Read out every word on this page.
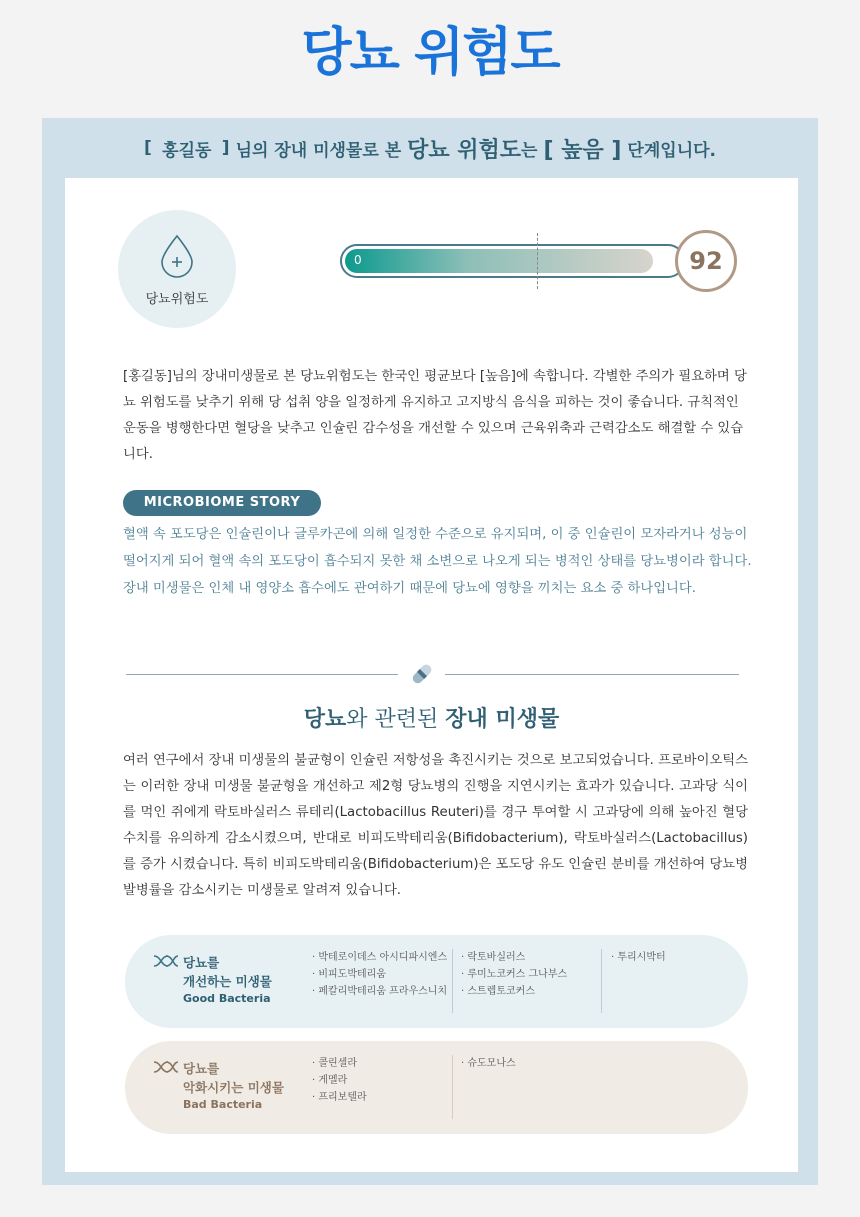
당뇨 위험도
[ 홍길동 ] 님의 장내 미생물로 본 당뇨 위험도 는 [ 높음 ] 단계입니다.
당뇨위험도
0	92
[홍길동]님의 장내미생물로 본 당뇨위험도는 한국인 평균보다 [높음]에 속합니다. 각별한 주의가 필요하며 당뇨 위험도를 낮추기 위해 당 섭취 양을 일정하게 유지하고 고지방식 음식을 피하는 것이 좋습니다. 규칙적인 운동을 병행한다면 혈당을 낮추고 인슐린 감수성을 개선할 수 있으며 근육위축과 근력감소도 해결할 수 있습니다.
MICROBIOME STORY
혈액 속 포도당은 인슐린이나 글루카곤에 의해 일정한 수준으로 유지되며, 이 중 인슐린이 모자라거나 성능이 떨어지게 되어 혈액 속의 포도당이 흡수되지 못한 채 소변으로 나오게 되는 병적인 상태를 당뇨병이라 합니다. 장내 미생물은 인체 내 영양소 흡수에도 관여하기 때문에 당뇨에 영향을 끼치는 요소 중 하나입니다.
당뇨와 관련된 장내 미생물
여러 연구에서 장내 미생물의 불균형이 인슐린 저항성을 촉진시키는 것으로 보고되었습니다. 프로바이오틱스는 이러한 장내 미생물 불균형을 개선하고 제2형 당뇨병의 진행을 지연시키는 효과가 있습니다. 고과당 식이를 먹인 쥐에게 락토바실러스 류테리(Lactobacillus Reuteri)를 경구 투여할 시 고과당에 의해 높아진 혈당 수치를 유의하게 감소시켰으며, 반대로 비피도박테리움(Bifidobacterium), 락토바실러스(Lactobacillus)를 증가 시켰습니다. 특히 비피도박테리움(Bifidobacterium)은 포도당 유도 인슐린 분비를 개선하여 당뇨병 발병률을 감소시키는 미생물로 알려져 있습니다.
당뇨를
개선하는 미생물
Good Bacteria
· 박테로이데스 아시디파시엔스
· 비피도박테리움
· 페칼리박테리움 프라우스니치
· 락토바실러스
· 루미노코커스 그나부스
· 스트렙토코커스
· 투리시박터
당뇨를
악화시키는 미생물
Bad Bacteria
· 콜린셀라
· 게멜라
· 프리보텔라
· 슈도모나스
